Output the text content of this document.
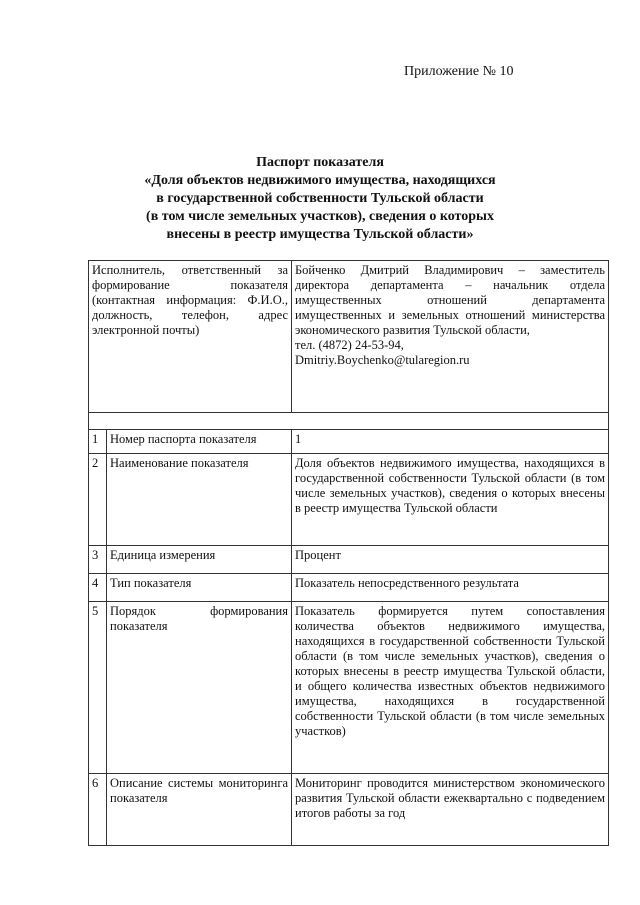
Приложение № 10
Паспорт показателя
«Доля объектов недвижимого имущества, находящихся
в государственной собственности Тульской области
(в том числе земельных участков), сведения о которых
внесены в реестр имущества Тульской области»
Исполнитель, ответственный за формирование показателя (контактная информация: Ф.И.О., должность, телефон, адрес электронной почты)		Бойченко Дмитрий Владимирович – заместитель директора департамента – начальник отдела имущественных отношений департамента имущественных и земельных отношений министерства экономического развития Тульской области,
тел. (4872) 24-53-94,
Dmitriy.Boychenko@tularegion.ru

1	Номер паспорта показателя	1
2	Наименование показателя	Доля объектов недвижимого имущества, находящихся в государственной собственности Тульской области (в том числе земельных участков), сведения о которых внесены в реестр имущества Тульской области
3	Единица измерения	Процент
4	Тип показателя	Показатель непосредственного результата
5	Порядок формирования показателя	Показатель формируется путем сопоставления количества объектов недвижимого имущества, находящихся в государственной собственности Тульской области (в том числе земельных участков), сведения о которых внесены в реестр имущества Тульской области, и общего количества известных объектов недвижимого имущества, находящихся в государственной собственности Тульской области (в том числе земельных участков)
6	Описание системы мониторинга показателя	Мониторинг проводится министерством экономического развития Тульской области ежеквартально с подведением итогов работы за год
